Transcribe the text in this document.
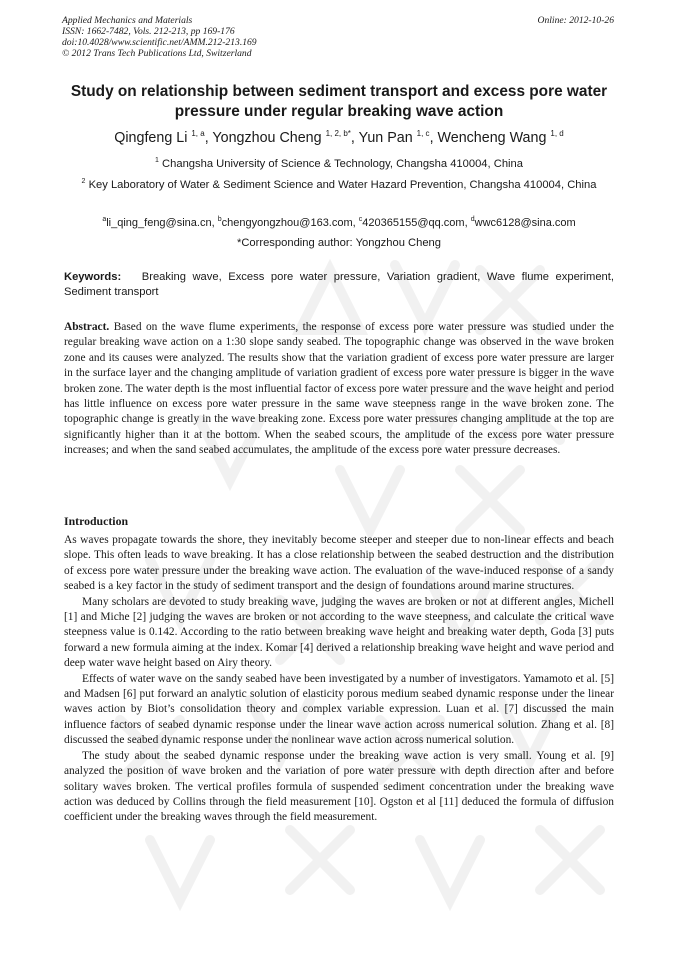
Applied Mechanics and Materials
ISSN: 1662-7482, Vols. 212-213, pp 169-176
doi:10.4028/www.scientific.net/AMM.212-213.169
© 2012 Trans Tech Publications Ltd, Switzerland
Online: 2012-10-26
Study on relationship between sediment transport and excess pore water pressure under regular breaking wave action
Qingfeng Li $^{1, a}$, Yongzhou Cheng $^{1, 2, b*}$, Yun Pan $^{1, c}$, Wencheng Wang $^{1, d}$
$^1$ Changsha University of Science & Technology, Changsha 410004, China
$^2$ Key Laboratory of Water & Sediment Science and Water Hazard Prevention, Changsha 410004, China
$^a$li_qing_feng@sina.cn, $^b$chengyongzhou@163.com, $^c$420365155@qq.com, $^d$wwc6128@sina.com
*Corresponding author: Yongzhou Cheng
Keywords: Breaking wave, Excess pore water pressure, Variation gradient, Wave flume experiment, Sediment transport
Abstract. Based on the wave flume experiments, the response of excess pore water pressure was studied under the regular breaking wave action on a 1:30 slope sandy seabed. The topographic change was observed in the wave broken zone and its causes were analyzed. The results show that the variation gradient of excess pore water pressure are larger in the surface layer and the changing amplitude of variation gradient of excess pore water pressure is bigger in the wave broken zone. The water depth is the most influential factor of excess pore water pressure and the wave height and period has little influence on excess pore water pressure in the same wave steepness range in the wave broken zone. The topographic change is greatly in the wave breaking zone. Excess pore water pressures changing amplitude at the top are significantly higher than it at the bottom. When the seabed scours, the amplitude of the excess pore water pressure increases; and when the sand seabed accumulates, the amplitude of the excess pore water pressure decreases.
Introduction

As waves propagate towards the shore, they inevitably become steeper and steeper due to non-linear effects and beach slope. This often leads to wave breaking. It has a close relationship between the seabed destruction and the distribution of excess pore water pressure under the breaking wave action. The evaluation of the wave-induced response of a sandy seabed is a key factor in the study of sediment transport and the design of foundations around marine structures.

Many scholars are devoted to study breaking wave, judging the waves are broken or not at different angles, Michell [1] and Miche [2] judging the waves are broken or not according to the wave steepness, and calculate the critical wave steepness value is 0.142. According to the ratio between breaking wave height and breaking water depth, Goda [3] puts forward a new formula aiming at the index. Komar [4] derived a relationship breaking wave height and wave period and deep water wave height based on Airy theory.

Effects of water wave on the sandy seabed have been investigated by a number of investigators. Yamamoto et al. [5] and Madsen [6] put forward an analytic solution of elasticity porous medium seabed dynamic response under the linear waves action by Biot’s consolidation theory and complex variable expression. Luan et al. [7] discussed the main influence factors of seabed dynamic response under the linear wave action across numerical solution. Zhang et al. [8] discussed the seabed dynamic response under the nonlinear wave action across numerical solution.

The study about the seabed dynamic response under the breaking wave action is very small. Young et al. [9] analyzed the position of wave broken and the variation of pore water pressure with depth direction after and before solitary waves broken. The vertical profiles formula of suspended sediment concentration under the breaking wave action was deduced by Collins through the field measurement [10]. Ogston et al [11] deduced the formula of diffusion coefficient under the breaking waves through the field measurement.
